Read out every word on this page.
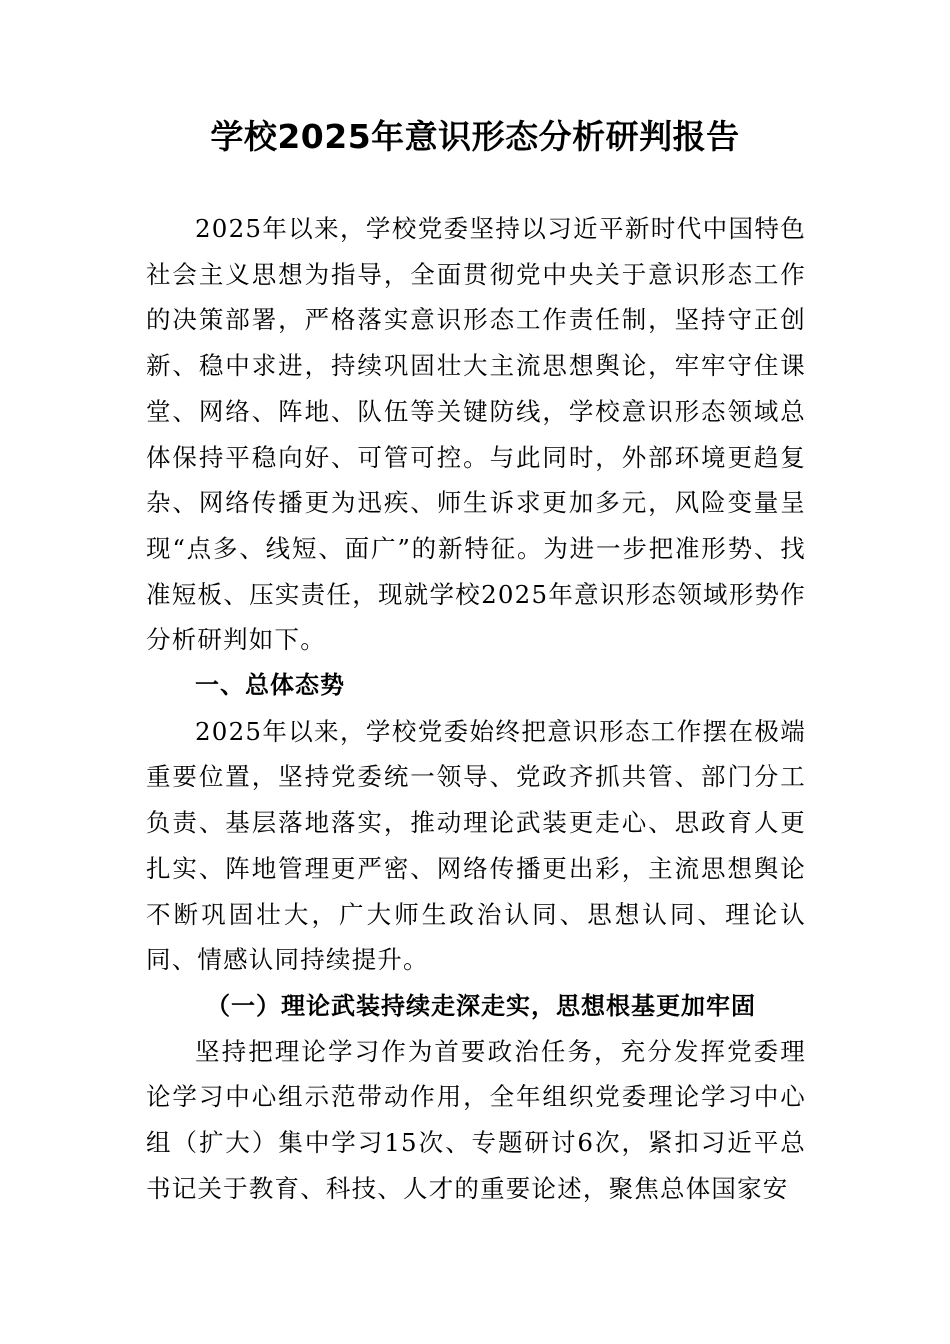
学校2025年意识形态分析研判报告

2025年以来，学校党委坚持以习近平新时代中国特色社会主义思想为指导，全面贯彻党中央关于意识形态工作的决策部署，严格落实意识形态工作责任制，坚持守正创新、稳中求进，持续巩固壮大主流思想舆论，牢牢守住课堂、网络、阵地、队伍等关键防线，学校意识形态领域总体保持平稳向好、可管可控。与此同时，外部环境更趋复杂、网络传播更为迅疾、师生诉求更加多元，风险变量呈现“点多、线短、面广”的新特征。为进一步把准形势、找准短板、压实责任，现就学校2025年意识形态领域形势作分析研判如下。

一、总体态势

2025年以来，学校党委始终把意识形态工作摆在极端重要位置，坚持党委统一领导、党政齐抓共管、部门分工负责、基层落地落实，推动理论武装更走心、思政育人更扎实、阵地管理更严密、网络传播更出彩，主流思想舆论不断巩固壮大，广大师生政治认同、思想认同、理论认同、情感认同持续提升。

（一）理论武装持续走深走实，思想根基更加牢固

坚持把理论学习作为首要政治任务，充分发挥党委理论学习中心组示范带动作用，全年组织党委理论学习中心组（扩大）集中学习15次、专题研讨6次，紧扣习近平总书记关于教育、科技、人才的重要论述，聚焦总体国家安
